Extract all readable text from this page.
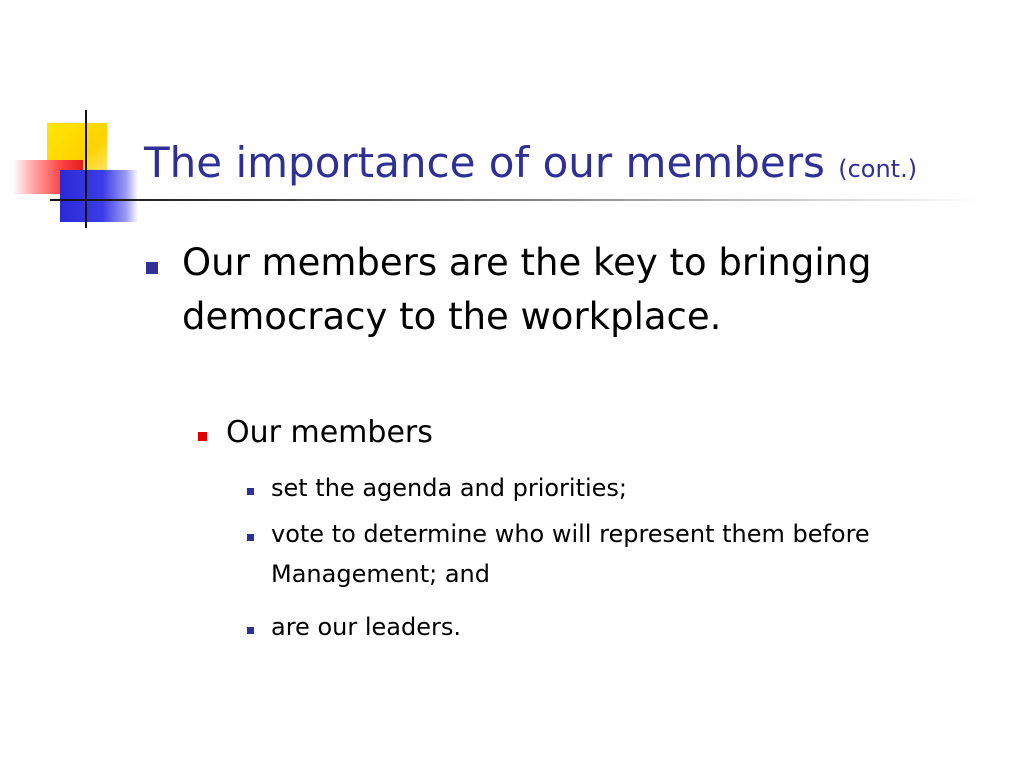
The importance of our members (cont.)
Our members are the key to bringing democracy to the workplace.
Our members
set the agenda and priorities;
vote to determine who will represent them before Management; and
are our leaders.
